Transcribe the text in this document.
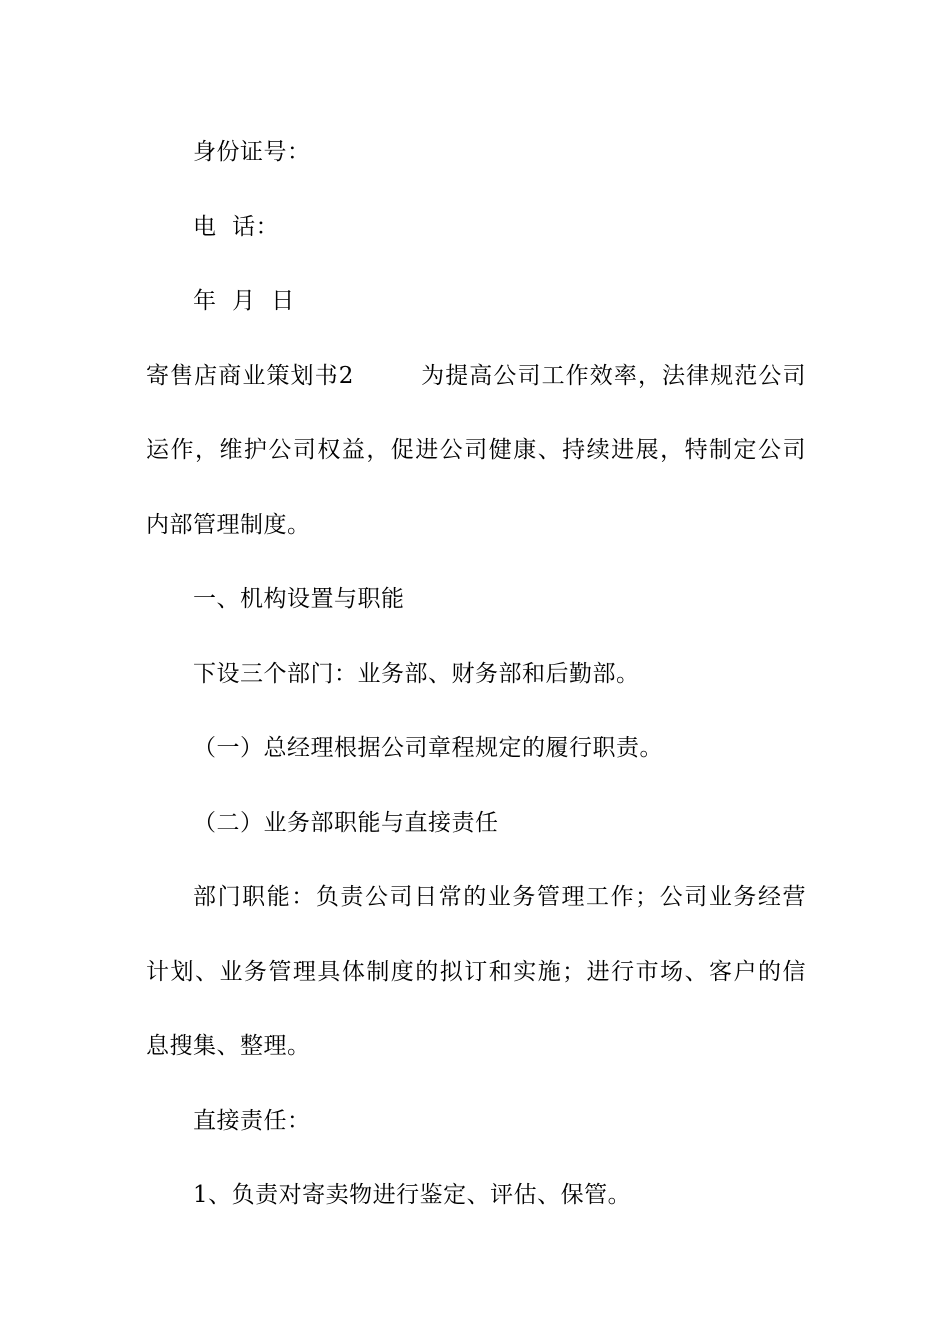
身份证号：
电  话：
年  月  日
寄售店商业策划书2        为提高公司工作效率，法律规范公司
运作，维护公司权益，促进公司健康、持续进展，特制定公司
内部管理制度。
一、机构设置与职能
下设三个部门：业务部、财务部和后勤部。
（一）总经理根据公司章程规定的履行职责。
（二）业务部职能与直接责任
部门职能：负责公司日常的业务管理工作；公司业务经营
计划、业务管理具体制度的拟订和实施；进行市场、客户的信
息搜集、整理。
直接责任：
1、负责对寄卖物进行鉴定、评估、保管。
